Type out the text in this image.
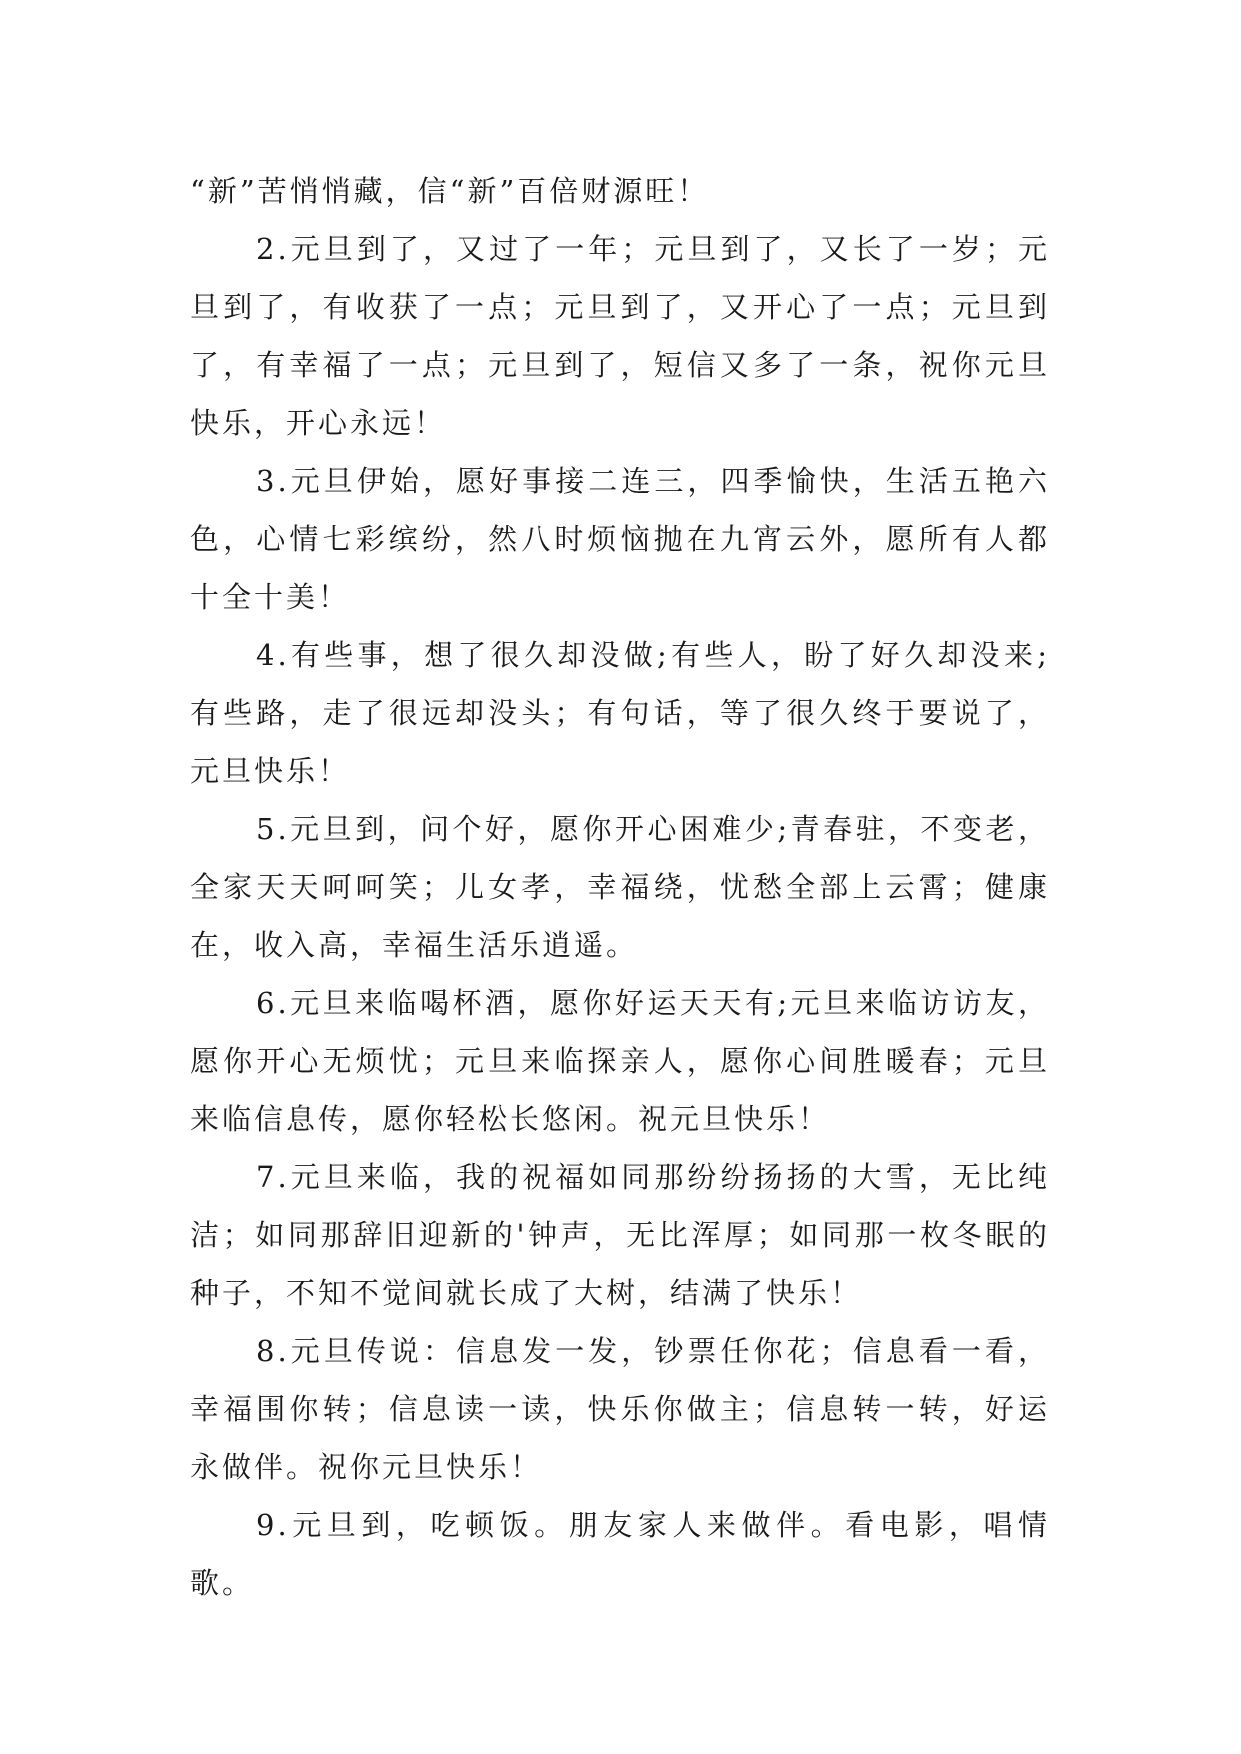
“新”苦悄悄藏，信“新”百倍财源旺！

2.元旦到了，又过了一年；元旦到了，又长了一岁；元旦到了，有收获了一点；元旦到了，又开心了一点；元旦到了，有幸福了一点；元旦到了，短信又多了一条，祝你元旦快乐，开心永远！

3.元旦伊始，愿好事接二连三，四季愉快，生活五艳六色，心情七彩缤纷，然八时烦恼抛在九宵云外，愿所有人都十全十美！

4.有些事，想了很久却没做;有些人，盼了好久却没来;有些路，走了很远却没头；有句话，等了很久终于要说了，元旦快乐！

5.元旦到，问个好，愿你开心困难少;青春驻，不变老，全家天天呵呵笑；儿女孝，幸福绕，忧愁全部上云霄；健康在，收入高，幸福生活乐逍遥。

6.元旦来临喝杯酒，愿你好运天天有;元旦来临访访友，愿你开心无烦忧；元旦来临探亲人，愿你心间胜暖春；元旦来临信息传，愿你轻松长悠闲。祝元旦快乐！

7.元旦来临，我的祝福如同那纷纷扬扬的大雪，无比纯洁；如同那辞旧迎新的'钟声，无比浑厚；如同那一枚冬眠的种子，不知不觉间就长成了大树，结满了快乐！

8.元旦传说：信息发一发，钞票任你花；信息看一看，幸福围你转；信息读一读，快乐你做主；信息转一转，好运永做伴。祝你元旦快乐！

9.元旦到，吃顿饭。朋友家人来做伴。看电影，唱情歌。
